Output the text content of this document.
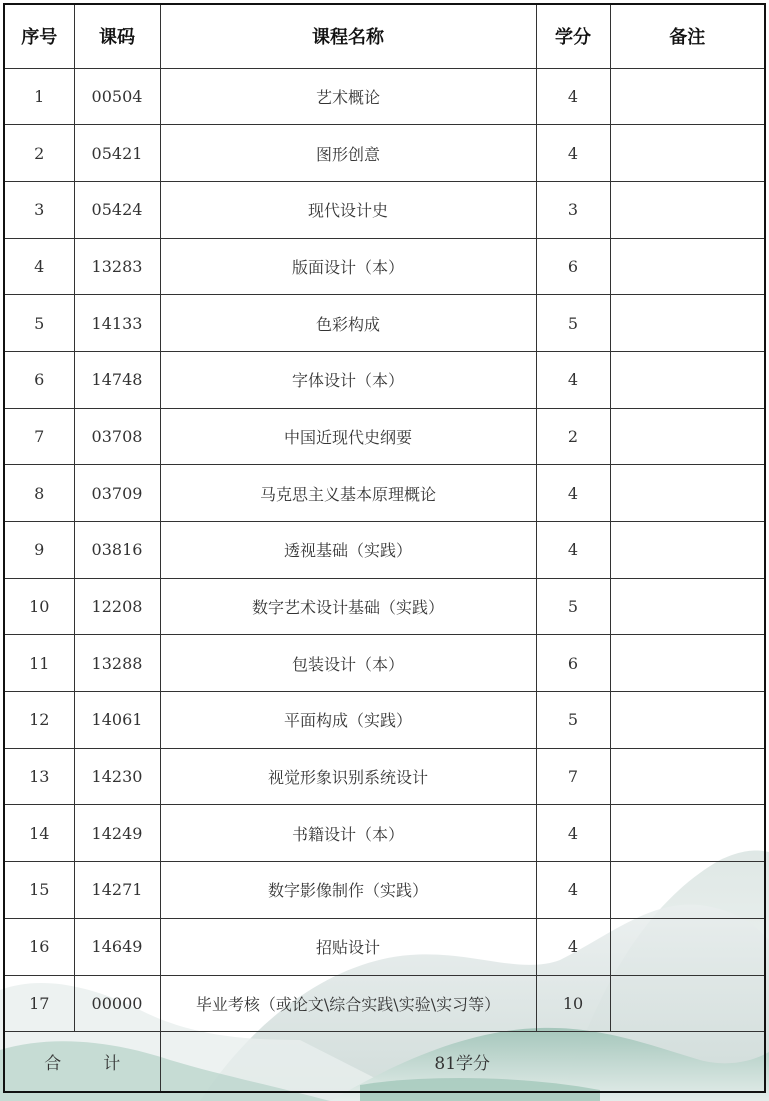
序号	课码	课程名称	学分	备注
1	00504	艺术概论	4	
2	05421	图形创意	4	
3	05424	现代设计史	3	
4	13283	版面设计（本）	6	
5	14133	色彩构成	5	
6	14748	字体设计（本）	4	
7	03708	中国近现代史纲要	2	
8	03709	马克思主义基本原理概论	4	
9	03816	透视基础（实践）	4	
10	12208	数字艺术设计基础（实践）	5	
11	13288	包装设计（本）	6	
12	14061	平面构成（实践）	5	
13	14230	视觉形象识别系统设计	7	
14	14249	书籍设计（本）	4	
15	14271	数字影像制作（实践）	4	
16	14649	招贴设计	4	
17	00000	毕业考核（或论文\综合实践\实验\实习等）	10	
合 计		81学分		
